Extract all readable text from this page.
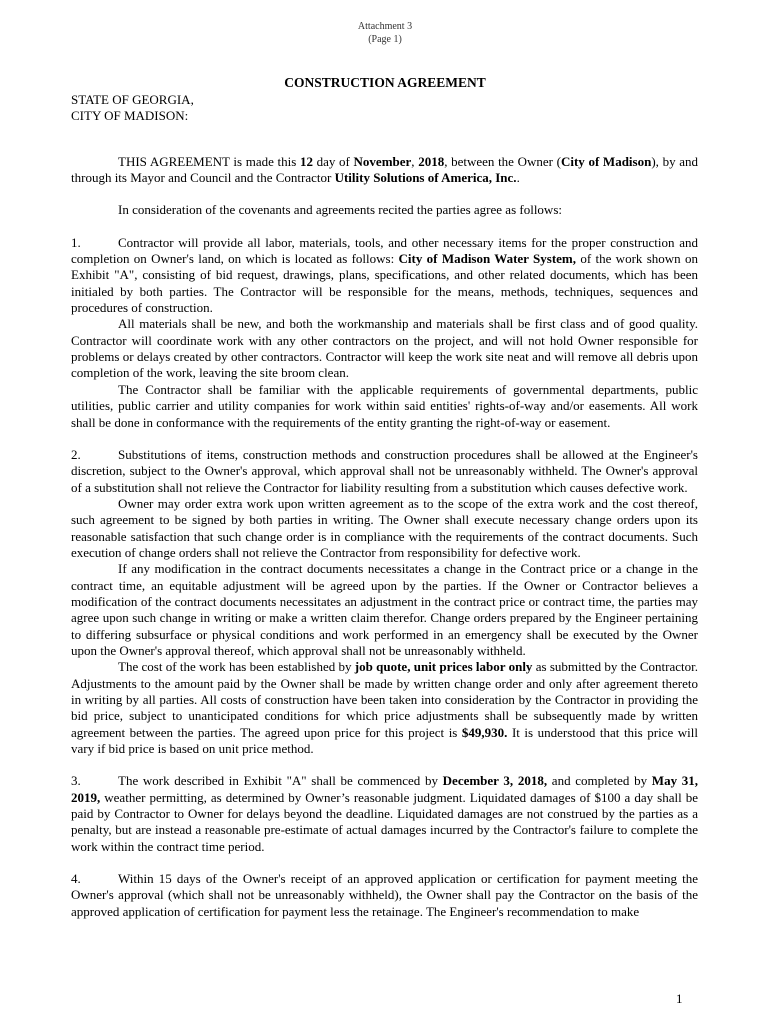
Attachment 3
(Page 1)
CONSTRUCTION AGREEMENT

STATE OF GEORGIA,

CITY OF MADISON:

THIS AGREEMENT is made this 12 day of November, 2018, between the Owner (City of Madison), by and through its Mayor and Council and the Contractor Utility Solutions of America, Inc..

In consideration of the covenants and agreements recited the parties agree as follows:

1.	Contractor will provide all labor, materials, tools, and other necessary items for the proper construction and completion on Owner's land, on which is located as follows: City of Madison Water System, of the work shown on Exhibit "A", consisting of bid request, drawings, plans, specifications, and other related documents, which has been initialed by both parties. The Contractor will be responsible for the means, methods, techniques, sequences and procedures of construction.

All materials shall be new, and both the workmanship and materials shall be first class and of good quality. Contractor will coordinate work with any other contractors on the project, and will not hold Owner responsible for problems or delays created by other contractors. Contractor will keep the work site neat and will remove all debris upon completion of the work, leaving the site broom clean.

The Contractor shall be familiar with the applicable requirements of governmental departments, public utilities, public carrier and utility companies for work within said entities' rights-of-way and/or easements. All work shall be done in conformance with the requirements of the entity granting the right-of-way or easement.

2.	Substitutions of items, construction methods and construction procedures shall be allowed at the Engineer's discretion, subject to the Owner's approval, which approval shall not be unreasonably withheld. The Owner's approval of a substitution shall not relieve the Contractor for liability resulting from a substitution which causes defective work.

Owner may order extra work upon written agreement as to the scope of the extra work and the cost thereof, such agreement to be signed by both parties in writing. The Owner shall execute necessary change orders upon its reasonable satisfaction that such change order is in compliance with the requirements of the contract documents. Such execution of change orders shall not relieve the Contractor from responsibility for defective work.

If any modification in the contract documents necessitates a change in the Contract price or a change in the contract time, an equitable adjustment will be agreed upon by the parties. If the Owner or Contractor believes a modification of the contract documents necessitates an adjustment in the contract price or contract time, the parties may agree upon such change in writing or make a written claim therefor. Change orders prepared by the Engineer pertaining to differing subsurface or physical conditions and work performed in an emergency shall be executed by the Owner upon the Owner's approval thereof, which approval shall not be unreasonably withheld.

The cost of the work has been established by job quote, unit prices labor only as submitted by the Contractor. Adjustments to the amount paid by the Owner shall be made by written change order and only after agreement thereto in writing by all parties. All costs of construction have been taken into consideration by the Contractor in providing the bid price, subject to unanticipated conditions for which price adjustments shall be subsequently made by written agreement between the parties. The agreed upon price for this project is $49,930. It is understood that this price will vary if bid price is based on unit price method.

3.	The work described in Exhibit "A" shall be commenced by December 3, 2018, and completed by May 31, 2019, weather permitting, as determined by Owner’s reasonable judgment. Liquidated damages of $100 a day shall be paid by Contractor to Owner for delays beyond the deadline. Liquidated damages are not construed by the parties as a penalty, but are instead a reasonable pre-estimate of actual damages incurred by the Contractor's failure to complete the work within the contract time period.

4.	Within 15 days of the Owner's receipt of an approved application or certification for payment meeting the Owner's approval (which shall not be unreasonably withheld), the Owner shall pay the Contractor on the basis of the approved application of certification for payment less the retainage. The Engineer's recommendation to make

1
